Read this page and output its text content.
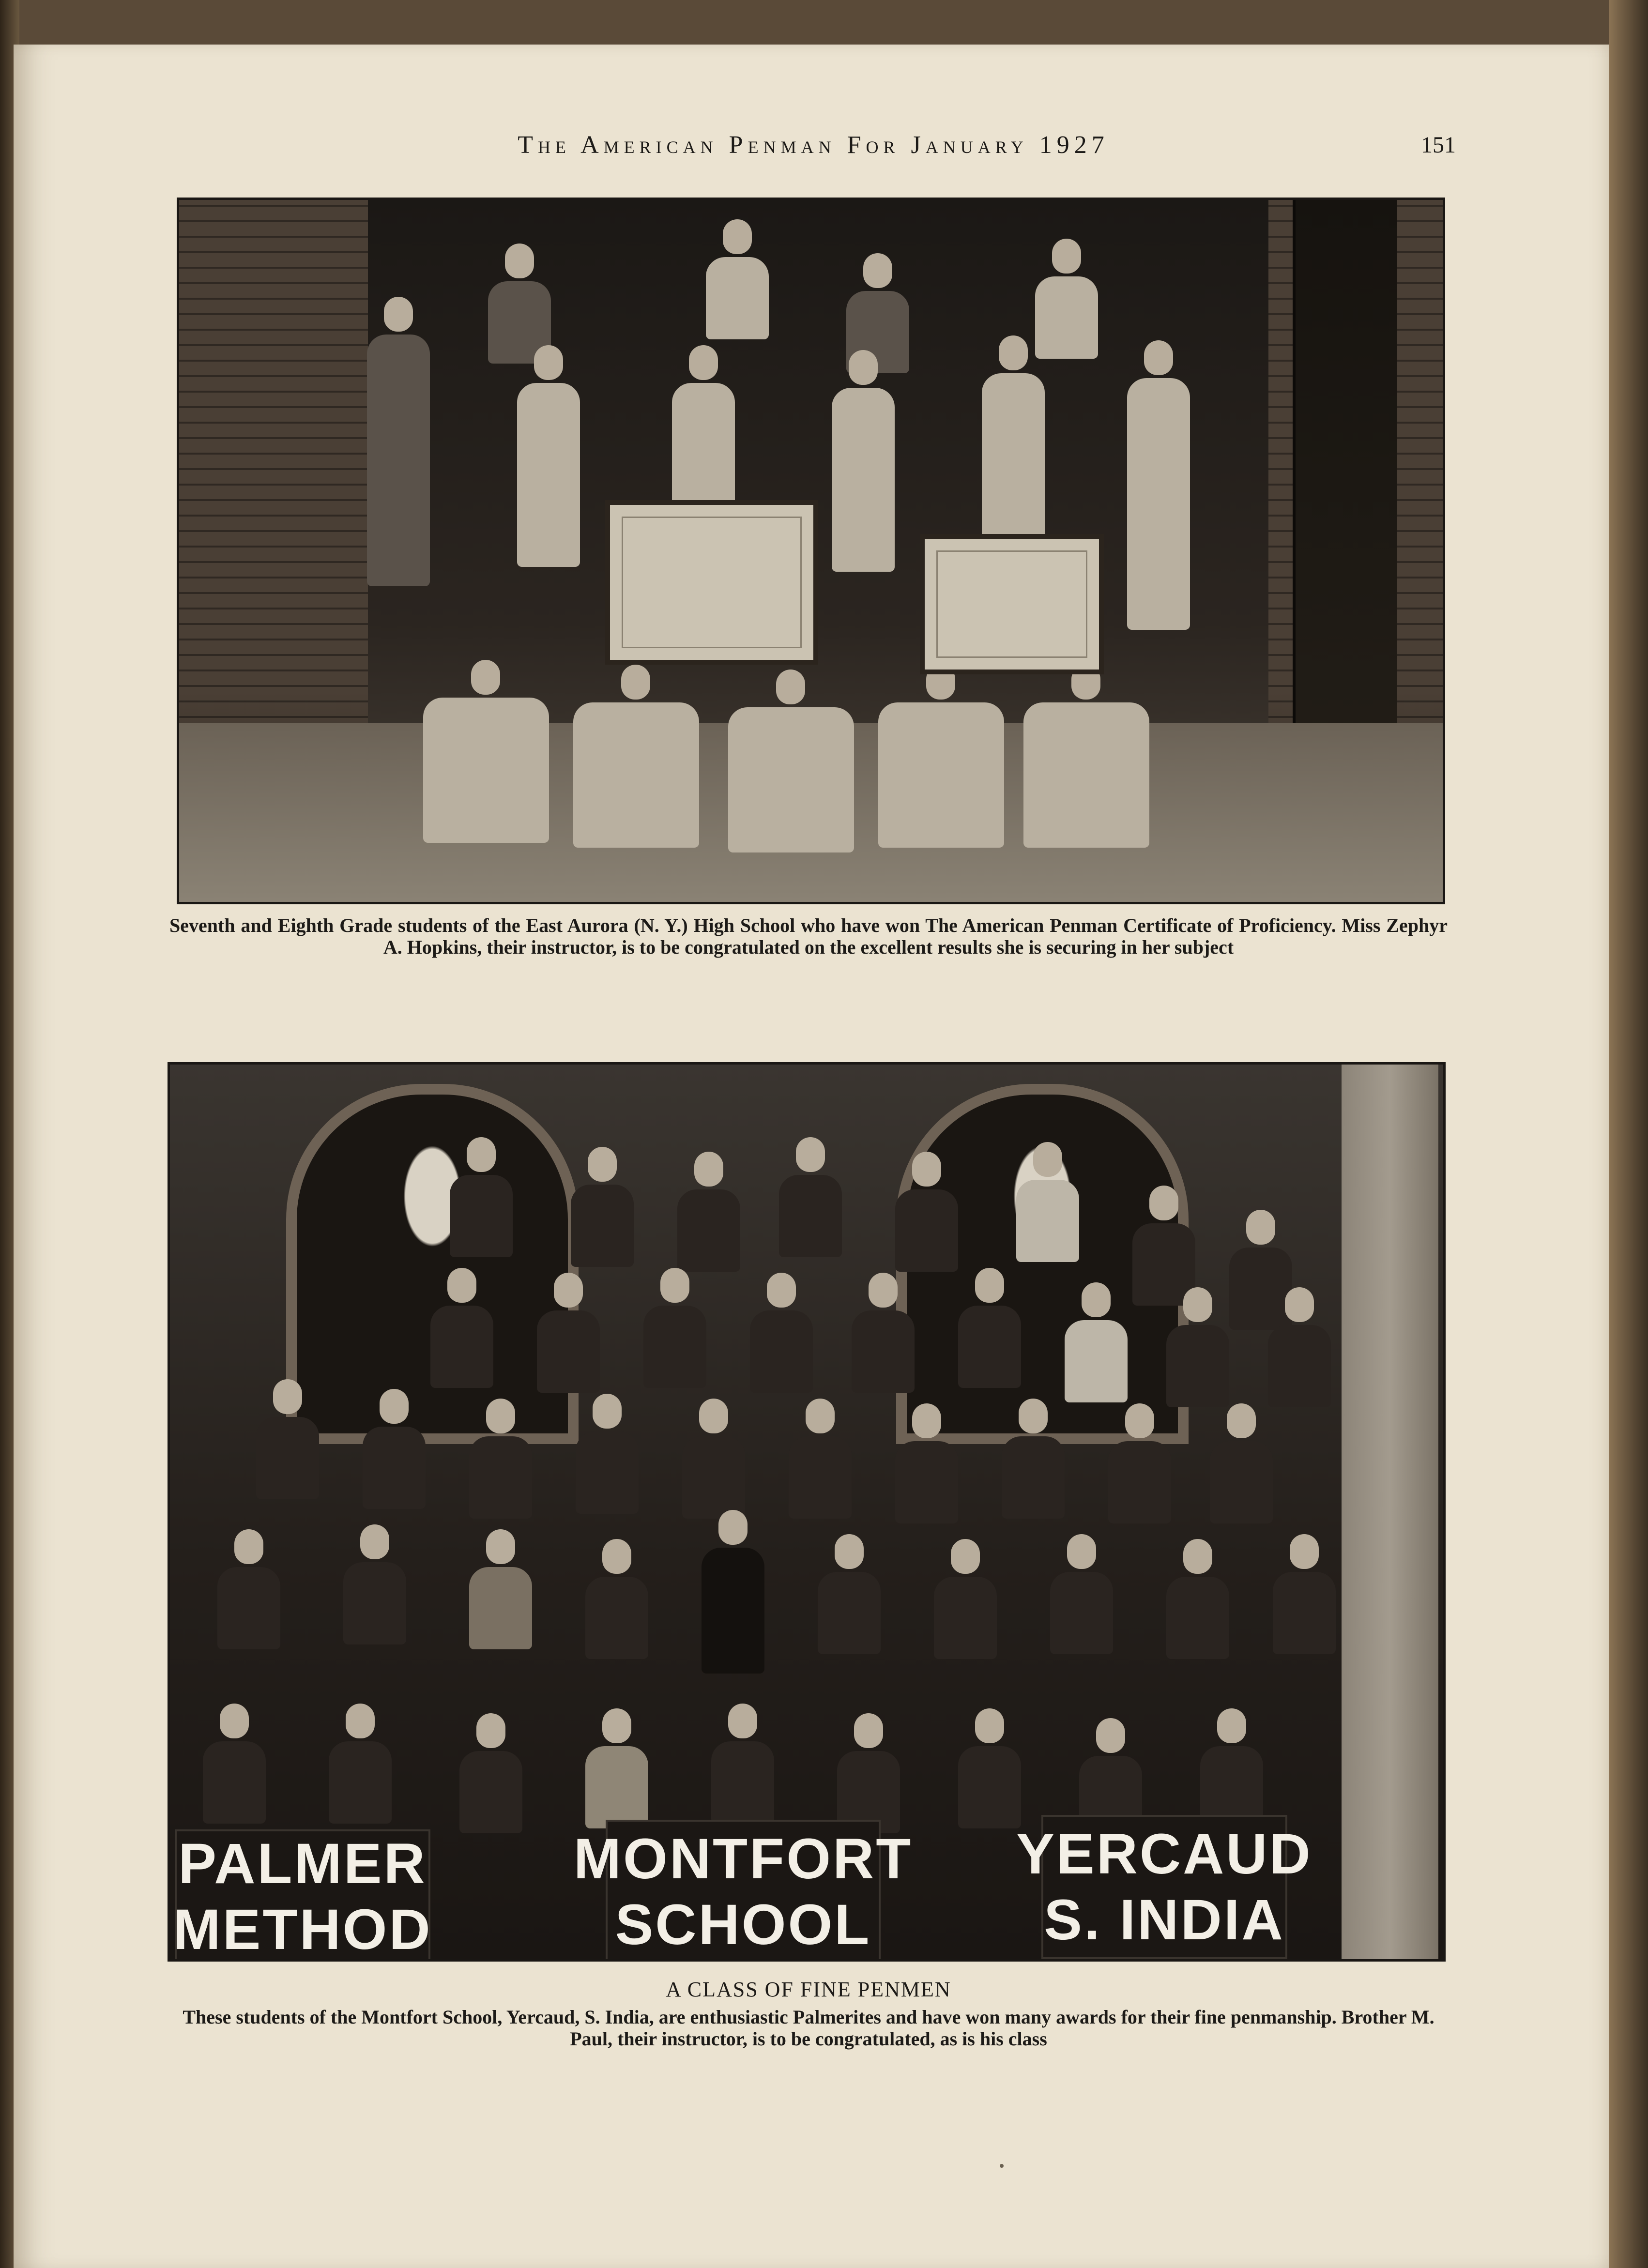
The American Penman For January 1927	151
Seventh and Eighth Grade students of the East Aurora (N. Y.) High School who have won The American Penman Certificate of Proficiency. Miss Zephyr A. Hopkins, their instructor, is to be congratulated on the excellent results she is securing in her subject
PALMER
METHOD
MONTFORT
SCHOOL
YERCAUD
S. INDIA
A CLASS OF FINE PENMEN
These students of the Montfort School, Yercaud, S. India, are enthusiastic Palmerites and have won many awards for their fine penmanship. Brother M. Paul, their instructor, is to be congratulated, as is his class
